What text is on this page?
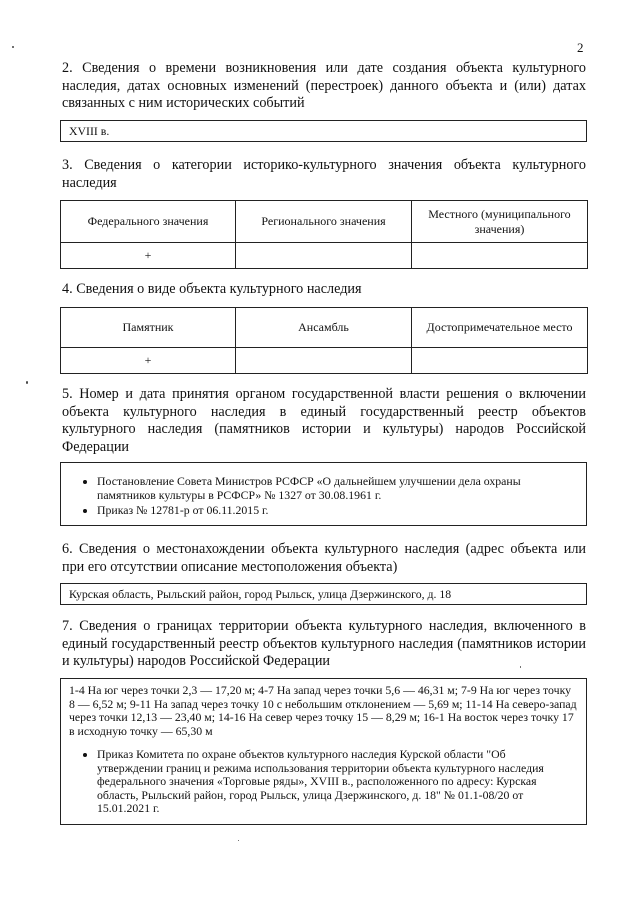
2
2. Сведения о времени возникновения или дате создания объекта культурного наследия, датах основных изменений (перестроек) данного объекта и (или) датах связанных с ним исторических событий
XVIII в.
3. Сведения о категории историко-культурного значения объекта культурного наследия
Федерального значения	Регионального значения	Местного (муниципального значения)
+		
4. Сведения о виде объекта культурного наследия
Памятник	Ансамбль	Достопримечательное место
+		
5. Номер и дата принятия органом государственной власти решения о включении объекта культурного наследия в единый государственный реестр объектов культурного наследия (памятников истории и культуры) народов Российской Федерации
• Постановление Совета Министров РСФСР «О дальнейшем улучшении дела охраны памятников культуры в РСФСР» № 1327 от 30.08.1961 г.
• Приказ № 12781-р от 06.11.2015 г.
6. Сведения о местонахождении объекта культурного наследия (адрес объекта или при его отсутствии описание местоположения объекта)
Курская область, Рыльский район, город Рыльск, улица Дзержинского, д. 18
7. Сведения о границах территории объекта культурного наследия, включенного в единый государственный реестр объектов культурного наследия (памятников истории и культуры) народов Российской Федерации
1-4 На юг через точки 2,3 — 17,20 м; 4-7 На запад через точки 5,6 — 46,31 м; 7-9 На юг через точку 8 — 6,52 м; 9-11 На запад через точку 10 с небольшим отклонением — 5,69 м; 11-14 На северо-запад через точки 12,13 — 23,40 м; 14-16 На север через точку 15 — 8,29 м; 16-1 На восток через точку 17 в исходную точку — 65,30 м
• Приказ Комитета по охране объектов культурного наследия Курской области "Об утверждении границ и режима использования территории объекта культурного наследия федерального значения «Торговые ряды», XVIII в., расположенного по адресу: Курская область, Рыльский район, город Рыльск, улица Дзержинского, д. 18" № 01.1-08/20 от 15.01.2021 г.
